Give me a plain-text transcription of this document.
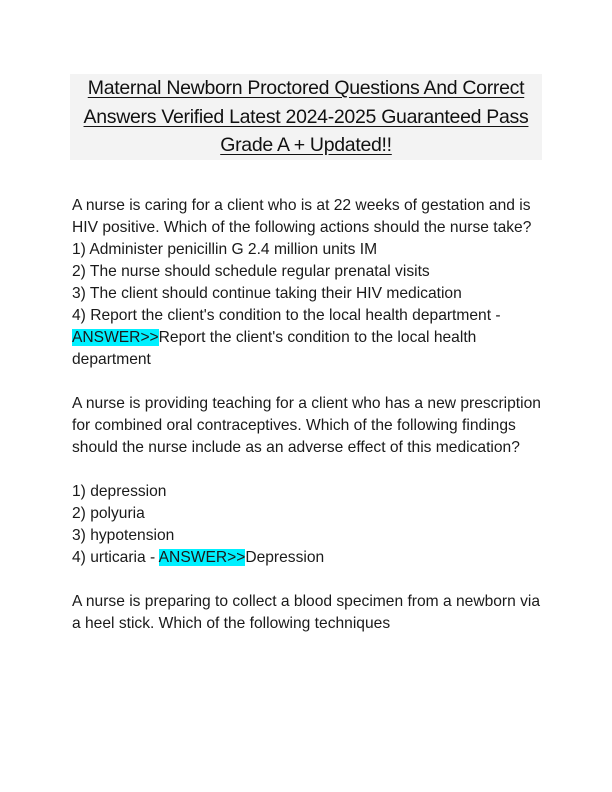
Maternal Newborn Proctored Questions And Correct Answers Verified Latest 2024-2025 Guaranteed Pass Grade A + Updated!!

A nurse is caring for a client who is at 22 weeks of gestation and is HIV positive. Which of the following actions should the nurse take?
1) Administer penicillin G 2.4 million units IM
2) The nurse should schedule regular prenatal visits
3) The client should continue taking their HIV medication
4) Report the client's condition to the local health department - ANSWER>>Report the client's condition to the local health department

A nurse is providing teaching for a client who has a new prescription for combined oral contraceptives. Which of the following findings should the nurse include as an adverse effect of this medication?
1) depression
2) polyuria
3) hypotension
4) urticaria - ANSWER>>Depression

A nurse is preparing to collect a blood specimen from a newborn via a heel stick. Which of the following techniques
